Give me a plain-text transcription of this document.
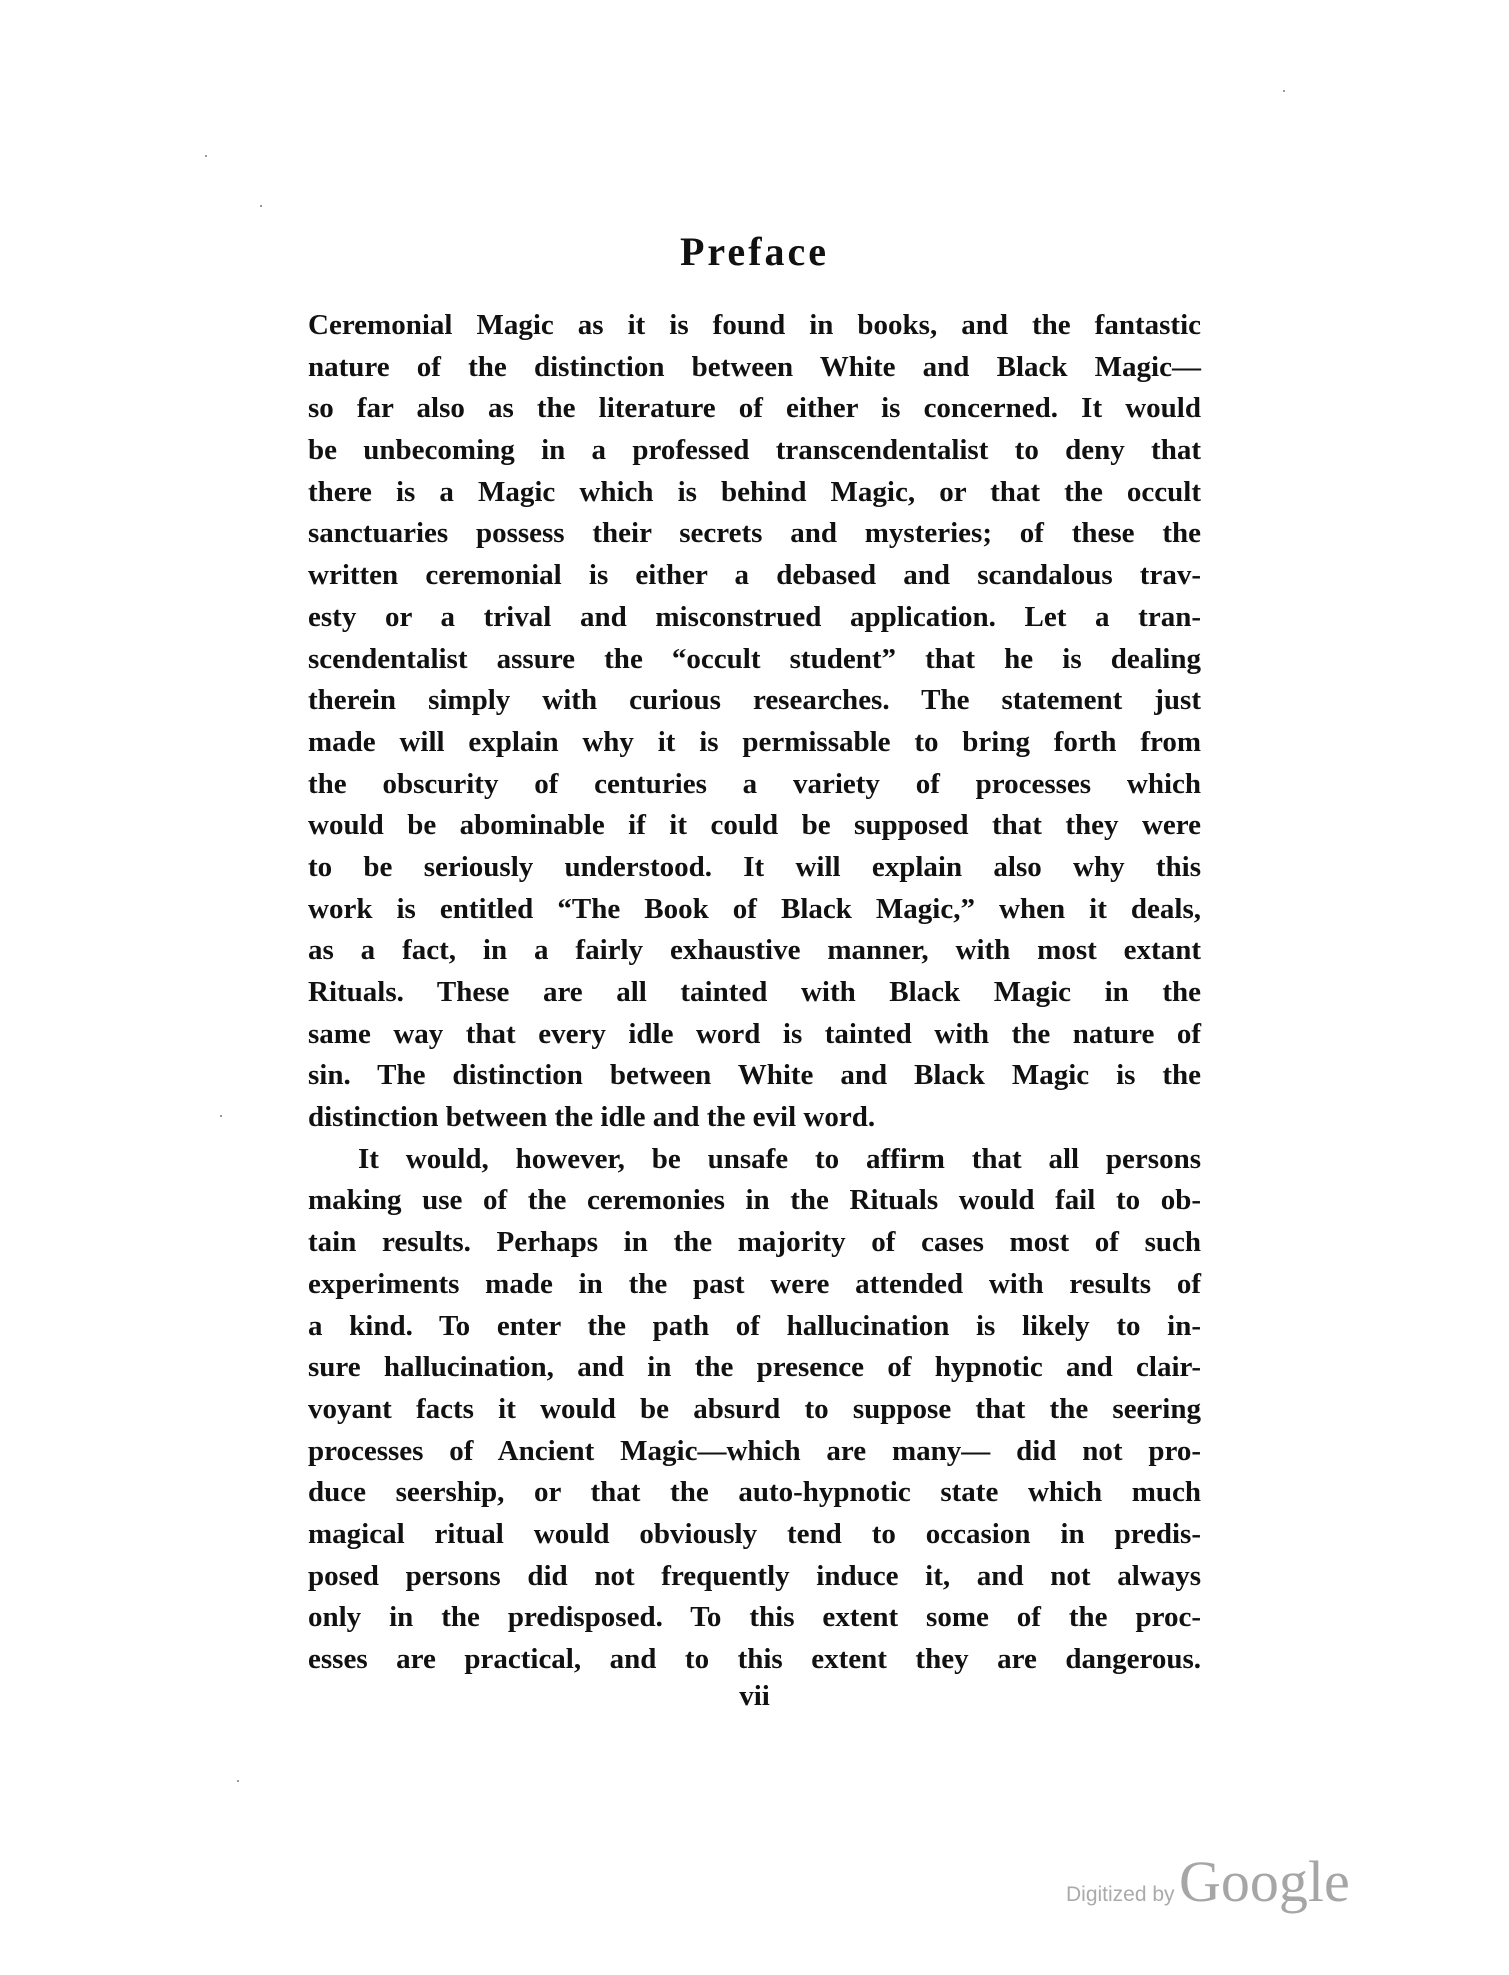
Preface
Ceremonial Magic as it is found in books, and the fantastic
nature of the distinction between White and Black Magic—
so far also as the literature of either is concerned. It would
be unbecoming in a professed transcendentalist to deny that
there is a Magic which is behind Magic, or that the occult
sanctuaries possess their secrets and mysteries; of these the
written ceremonial is either a debased and scandalous trav-
esty or a trival and misconstrued application. Let a tran-
scendentalist assure the “occult student” that he is dealing
therein simply with curious researches. The statement just
made will explain why it is permissable to bring forth from
the obscurity of centuries a variety of processes which
would be abominable if it could be supposed that they were
to be seriously understood. It will explain also why this
work is entitled “The Book of Black Magic,” when it deals,
as a fact, in a fairly exhaustive manner, with most extant
Rituals. These are all tainted with Black Magic in the
same way that every idle word is tainted with the nature of
sin. The distinction between White and Black Magic is the
distinction between the idle and the evil word.
It would, however, be unsafe to affirm that all persons
making use of the ceremonies in the Rituals would fail to ob-
tain results. Perhaps in the majority of cases most of such
experiments made in the past were attended with results of
a kind. To enter the path of hallucination is likely to in-
sure hallucination, and in the presence of hypnotic and clair-
voyant facts it would be absurd to suppose that the seering
processes of Ancient Magic—which are many— did not pro-
duce seership, or that the auto-hypnotic state which much
magical ritual would obviously tend to occasion in predis-
posed persons did not frequently induce it, and not always
only in the predisposed. To this extent some of the proc-
esses are practical, and to this extent they are dangerous.
vii
Digitized by Google
